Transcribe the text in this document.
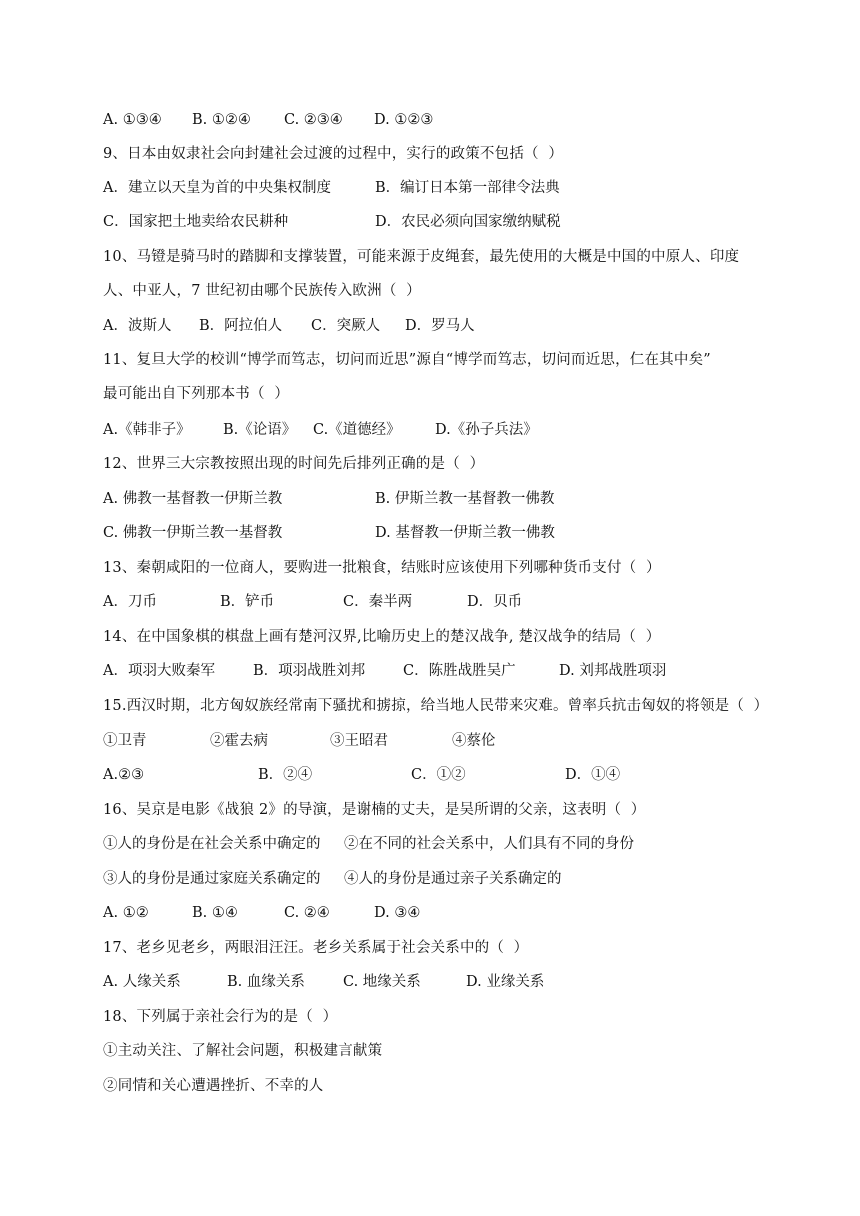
A. ①③④ B. ①②④ C. ②③④ D. ①②③
9、日本由奴隶社会向封建社会过渡的过程中，实行的政策不包括（  ）
A．建立以天皇为首的中央集权制度	B．编订日本第一部律令法典
C．国家把土地卖给农民耕种	D．农民必须向国家缴纳赋税
10、马镫是骑马时的踏脚和支撑装置，可能来源于皮绳套，最先使用的大概是中国的中原人、印度
人、中亚人，7 世纪初由哪个民族传入欧洲（  ）
A．波斯人 B．阿拉伯人 C．突厥人 D．罗马人
11、复旦大学的校训“博学而笃志，切问而近思”源自“博学而笃志，切问而近思，仁在其中矣”
最可能出自下列那本书（  ）
A.《韩非子》 B.《论语》 C.《道德经》 D.《孙子兵法》
12、世界三大宗教按照出现的时间先后排列正确的是（  ）
A. 佛教一基督教一伊斯兰教	B. 伊斯兰教一基督教一佛教
C. 佛教一伊斯兰教一基督教	D. 基督教一伊斯兰教一佛教
13、秦朝咸阳的一位商人，要购进一批粮食，结账时应该使用下列哪种货币支付（  ）
A．刀币	B．铲币	C．秦半两	D．贝币
14、在中国象棋的棋盘上画有楚河汉界,比喻历史上的楚汉战争, 楚汉战争的结局（  ）
A．项羽大败秦军	B．项羽战胜刘邦	C．陈胜战胜吴广	D. 刘邦战胜项羽
15.西汉时期，北方匈奴族经常南下骚扰和掳掠，给当地人民带来灾难。曾率兵抗击匈奴的将领是（  ）
①卫青	②霍去病	③王昭君	④蔡伦
A.②③	B．②④	C．①②	D．①④
16、吴京是电影《战狼 2》的导演，是谢楠的丈夫，是吴所谓的父亲，这表明（  ）
①人的身份是在社会关系中确定的 ②在不同的社会关系中，人们具有不同的身份
③人的身份是通过家庭关系确定的 ④人的身份是通过亲子关系确定的
A. ①②	B. ①④	C. ②④	D. ③④
17、老乡见老乡，两眼泪汪汪。老乡关系属于社会关系中的（  ）
A. 人缘关系	B. 血缘关系	C. 地缘关系	D. 业缘关系
18、下列属于亲社会行为的是（  ）
①主动关注、了解社会问题，积极建言献策
②同情和关心遭遇挫折、不幸的人
